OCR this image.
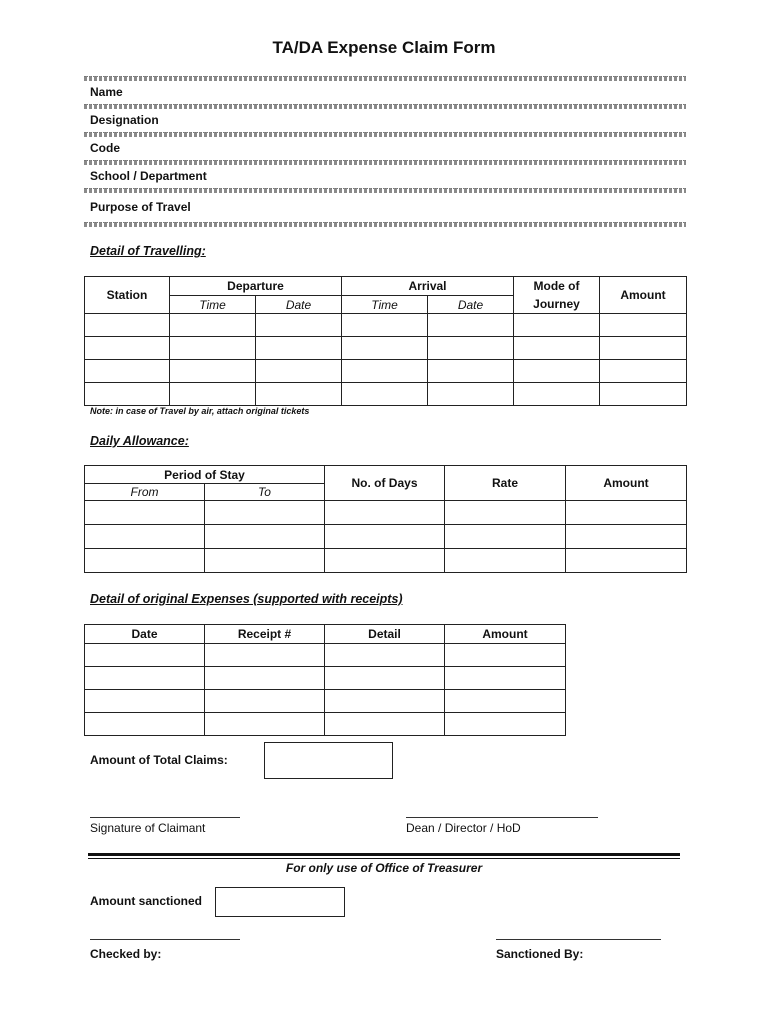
TA/DA Expense Claim Form
Name
Designation
Code
School / Department
Purpose of Travel
Detail of Travelling:
Station	Departure		Arrival		Mode of Journey	Amount
	Time	Date	Time	Date		

Note: in case of Travel by air, attach original tickets
Daily Allowance:
Period of Stay		No. of Days	Rate	Amount
From	To			

Detail of original Expenses (supported with receipts)
Date	Receipt #	Detail	Amount

Amount of Total Claims:
Signature of Claimant	Dean / Director / HoD
For only use of Office of Treasurer
Amount sanctioned
Checked by:	Sanctioned By:
